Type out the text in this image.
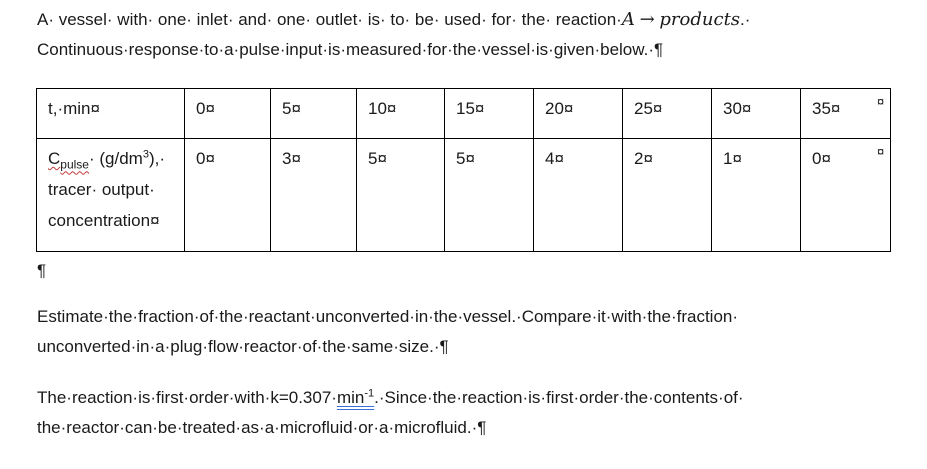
A· vessel· with· one· inlet· and· one· outlet· is· to· be· used· for· the· reaction·A → products.·
Continuous·response·to·a·pulse·input·is·measured·for·the·vessel·is·given·below.·¶
t,·min¤	0¤	5¤	10¤	15¤	20¤	25¤	30¤	35¤

$C_{pulse}\cdot (g/dm^3),\cdot$
tracer· output·
concentration¤	0¤	3¤	5¤	5¤	4¤	2¤	1¤	0¤
¤
¤
¶
Estimate·the·fraction·of·the·reactant·unconverted·in·the·vessel.·Compare·it·with·the·fraction·
unconverted·in·a·plug·flow·reactor·of·the·same·size.·¶
$The\cdot reaction\cdot is\cdot first\cdot order\cdot with\cdot k=0.307\cdot\min^{-1}.\cdot Since\cdot the\cdot reaction\cdot is\cdot first\cdot order\cdot the\cdot contents\cdot of\cdot$
the·reactor·can·be·treated·as·a·microfluid·or·a·microfluid.·¶
